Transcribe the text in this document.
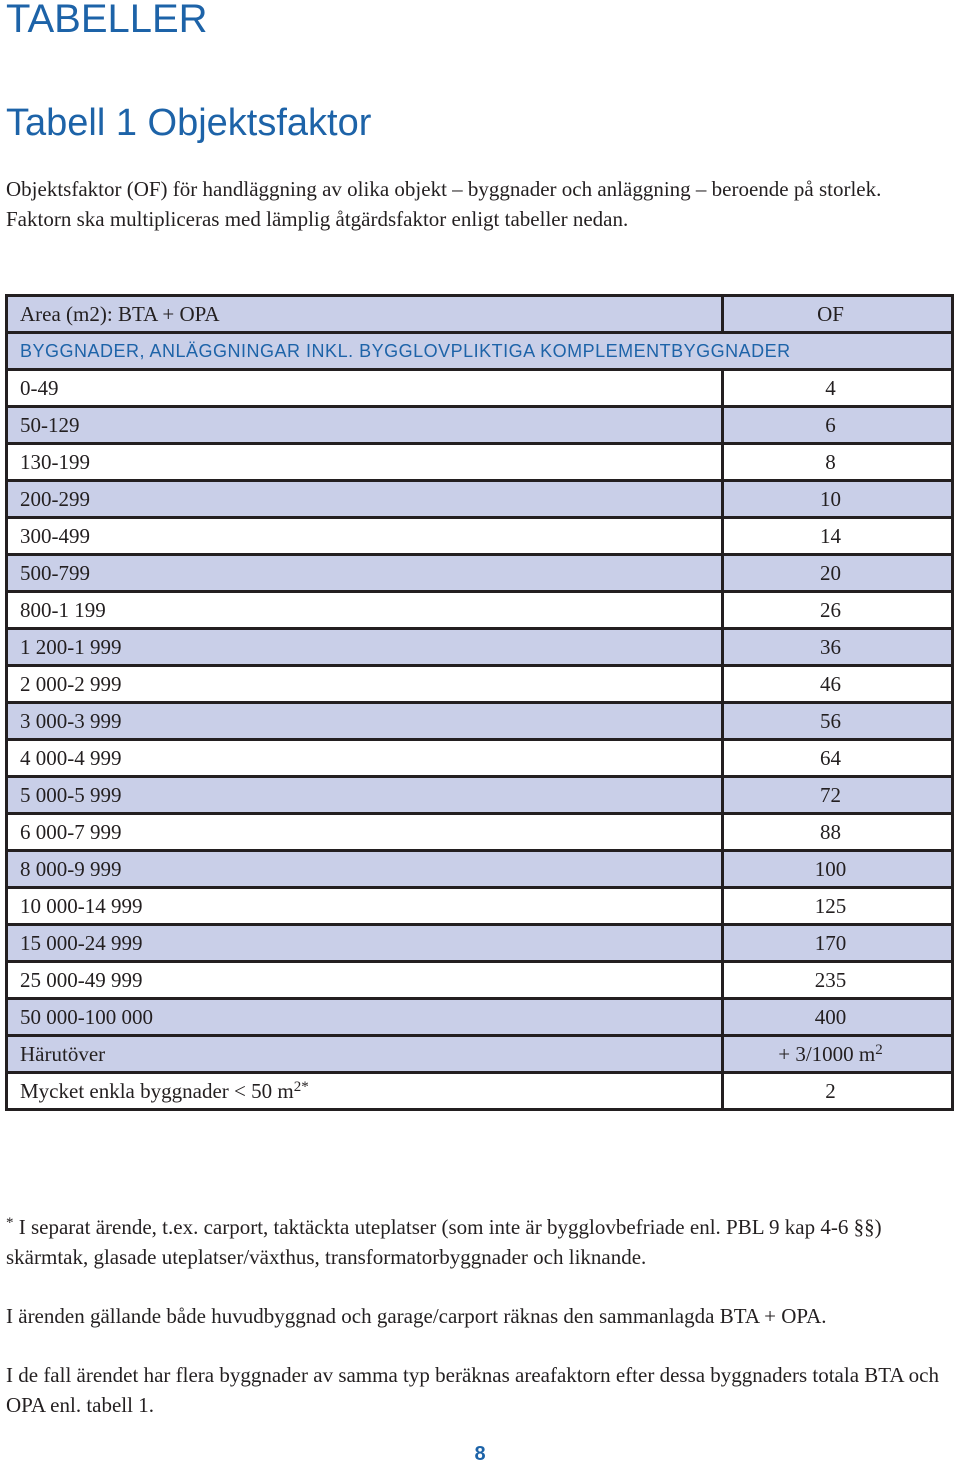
TABELLER
Tabell 1 Objektsfaktor

Objektsfaktor (OF) för handläggning av olika objekt – byggnader och anläggning – beroende på storlek. Faktorn ska multipliceras med lämplig åtgärdsfaktor enligt tabeller nedan.

Area (m2): BTA + OPA	OF
BYGGNADER, ANLÄGGNINGAR INKL. BYGGLOVPLIKTIGA KOMPLEMENTBYGGNADER	
0-49	4
50-129	6
130-199	8
200-299	10
300-499	14
500-799	20
800-1 199	26
1 200-1 999	36
2 000-2 999	46
3 000-3 999	56
4 000-4 999	64
5 000-5 999	72
6 000-7 999	88
8 000-9 999	100
10 000-14 999	125
15 000-24 999	170
25 000-49 999	235
50 000-100 000	400
Härutöver	+ 3/1000 $m^2$
Mycket enkla byggnader < 50 $m^{2*}$	2

* I separat ärende, t.ex. carport, taktäckta uteplatser (som inte är bygglovbefriade enl. PBL 9 kap 4-6 §§) skärmtak, glasade uteplatser/växthus, transformatorbyggnader och liknande.

I ärenden gällande både huvudbyggnad och garage/carport räknas den sammanlagda BTA + OPA.

I de fall ärendet har flera byggnader av samma typ beräknas areafaktorn efter dessa byggnaders totala BTA och OPA enl. tabell 1.

8
